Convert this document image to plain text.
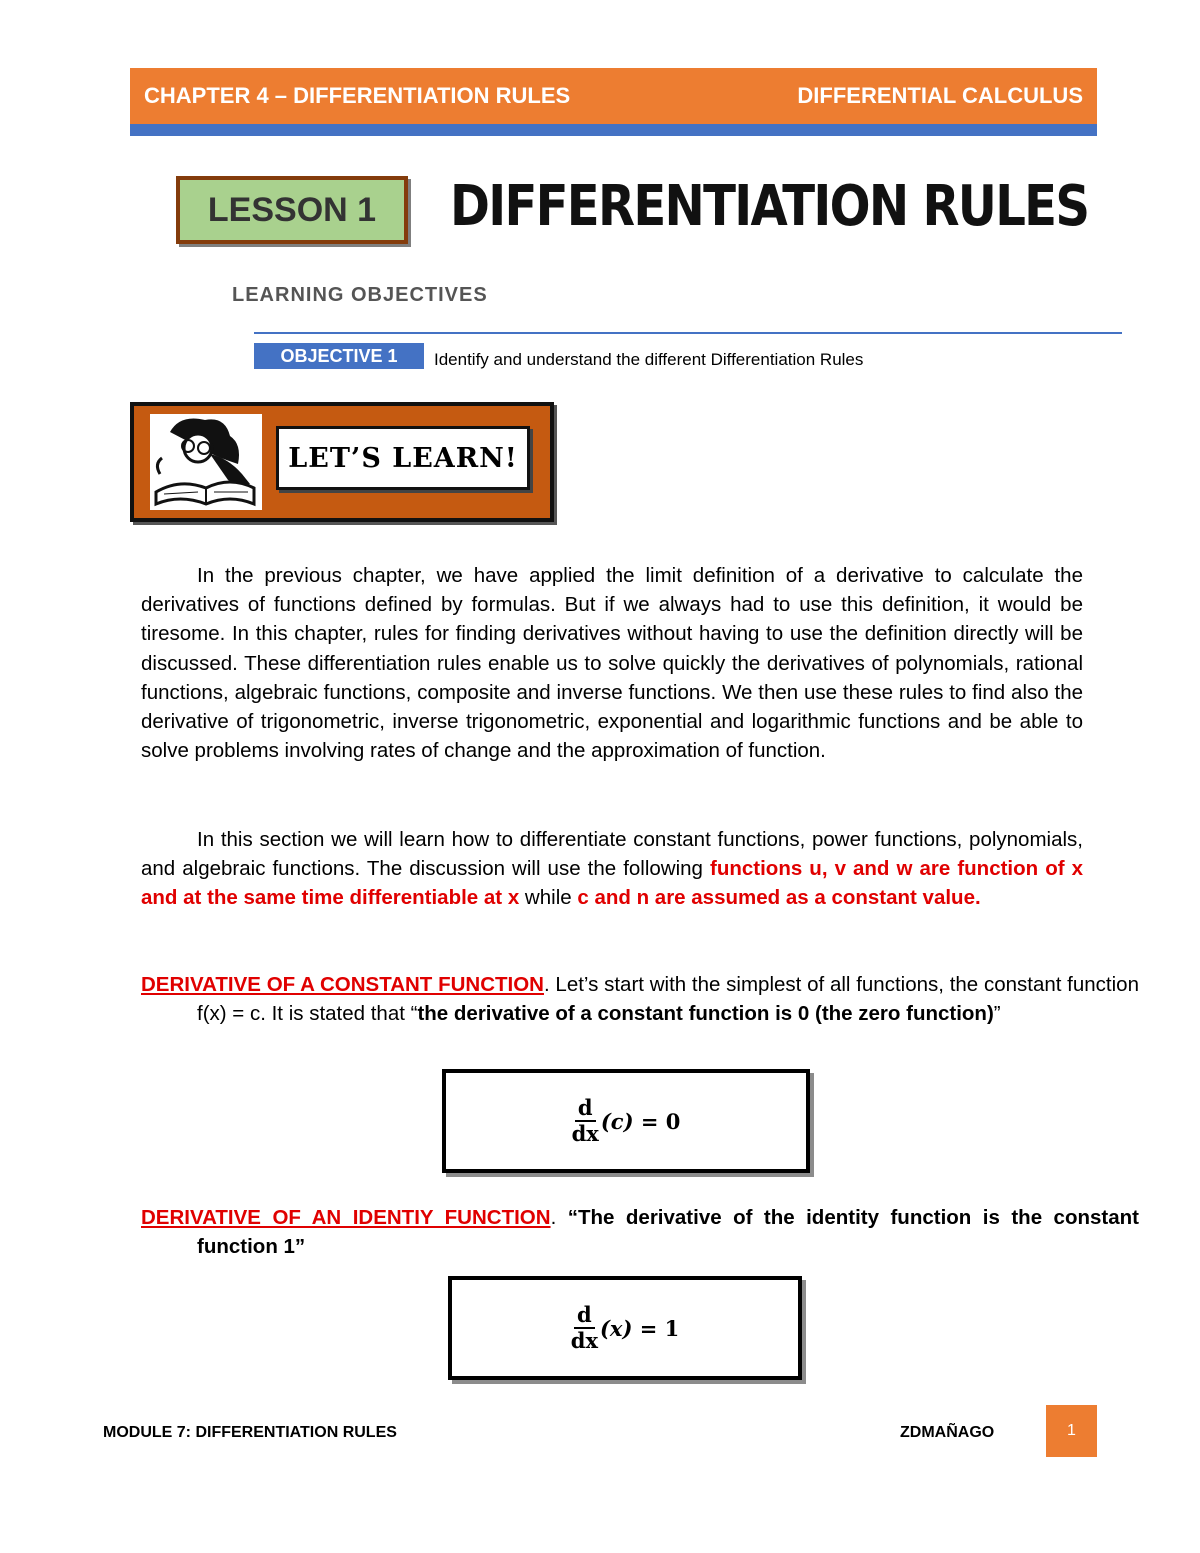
CHAPTER 4 – DIFFERENTIATION RULES	DIFFERENTIAL CALCULUS
LESSON 1	DIFFERENTIATION RULES
LEARNING OBJECTIVES
OBJECTIVE 1	Identify and understand the different Differentiation Rules
LET’S LEARN!

In the previous chapter, we have applied the limit definition of a derivative to calculate the derivatives of functions defined by formulas. But if we always had to use this definition, it would be tiresome. In this chapter, rules for finding derivatives without having to use the definition directly will be discussed. These differentiation rules enable us to solve quickly the derivatives of polynomials, rational functions, algebraic functions, composite and inverse functions. We then use these rules to find also the derivative of trigonometric, inverse trigonometric, exponential and logarithmic functions and be able to solve problems involving rates of change and the approximation of function.

In this section we will learn how to differentiate constant functions, power functions, polynomials, and algebraic functions. The discussion will use the following functions u, v and w are function of x and at the same time differentiable at x while c and n are assumed as a constant value.

DERIVATIVE OF A CONSTANT FUNCTION. Let’s start with the simplest of all functions, the constant function f(x) = c. It is stated that “the derivative of a constant function is 0 (the zero function)”

$\frac{d}{dx} (c) = 0$

DERIVATIVE OF AN IDENTIY FUNCTION. “The derivative of the identity function is the constant function 1”

$\frac{d}{dx} (x) = 1$
MODULE 7: DIFFERENTIATION RULES	ZDMAÑAGO	1
